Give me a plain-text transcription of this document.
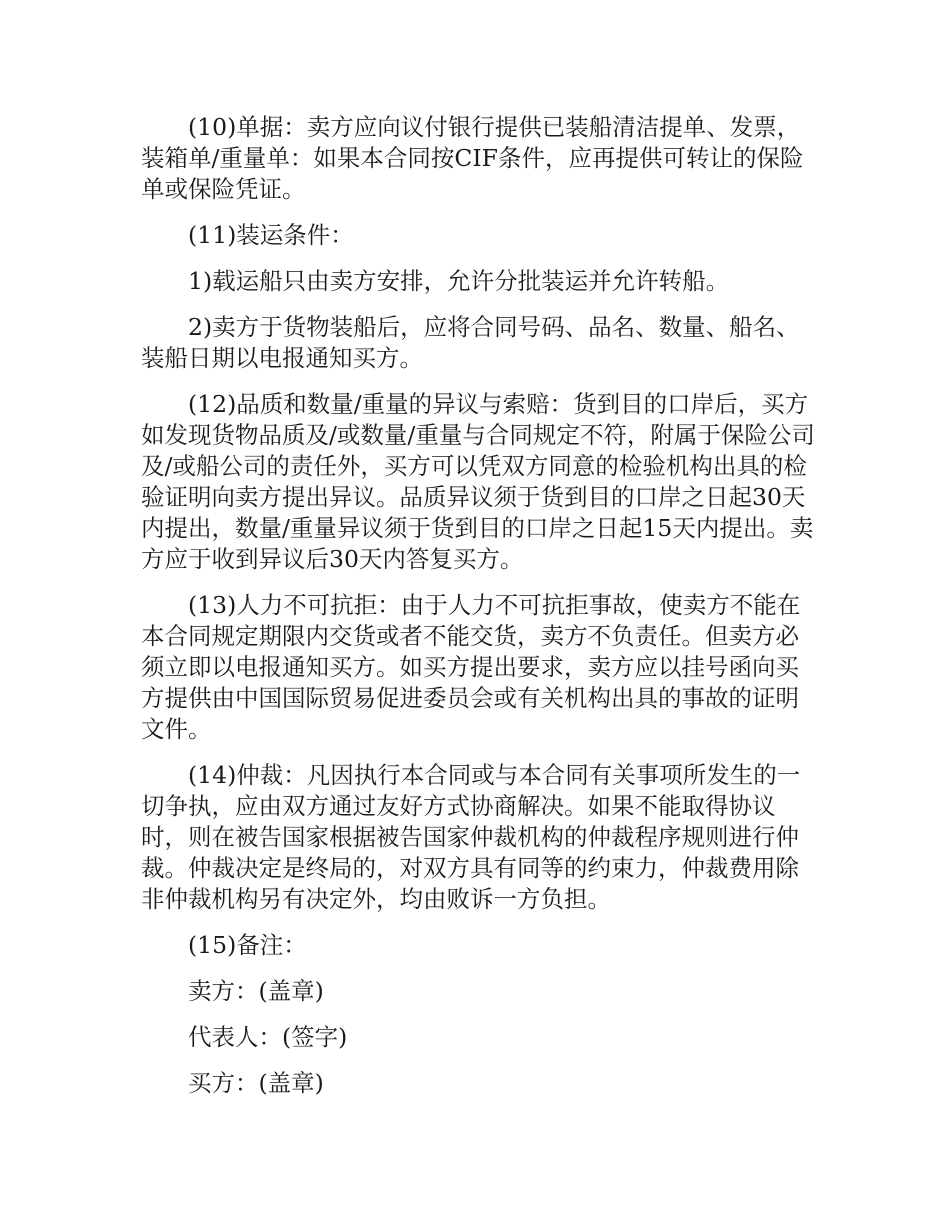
(10)单据：卖方应向议付银行提供已装船清洁提单、发票，装箱单/重量单：如果本合同按CIF条件，应再提供可转让的保险单或保险凭证。

(11)装运条件：

1)载运船只由卖方安排，允许分批装运并允许转船。

2)卖方于货物装船后，应将合同号码、品名、数量、船名、装船日期以电报通知买方。

(12)品质和数量/重量的异议与索赔：货到目的口岸后，买方如发现货物品质及/或数量/重量与合同规定不符，附属于保险公司及/或船公司的责任外，买方可以凭双方同意的检验机构出具的检验证明向卖方提出异议。品质异议须于货到目的口岸之日起30天内提出，数量/重量异议须于货到目的口岸之日起15天内提出。卖方应于收到异议后30天内答复买方。

(13)人力不可抗拒：由于人力不可抗拒事故，使卖方不能在本合同规定期限内交货或者不能交货，卖方不负责任。但卖方必须立即以电报通知买方。如买方提出要求，卖方应以挂号函向买方提供由中国国际贸易促进委员会或有关机构出具的事故的证明文件。

(14)仲裁：凡因执行本合同或与本合同有关事项所发生的一切争执，应由双方通过友好方式协商解决。如果不能取得协议时，则在被告国家根据被告国家仲裁机构的仲裁程序规则进行仲裁。仲裁决定是终局的，对双方具有同等的约束力，仲裁费用除非仲裁机构另有决定外，均由败诉一方负担。

(15)备注：

卖方：(盖章)

代表人：(签字)

买方：(盖章)
